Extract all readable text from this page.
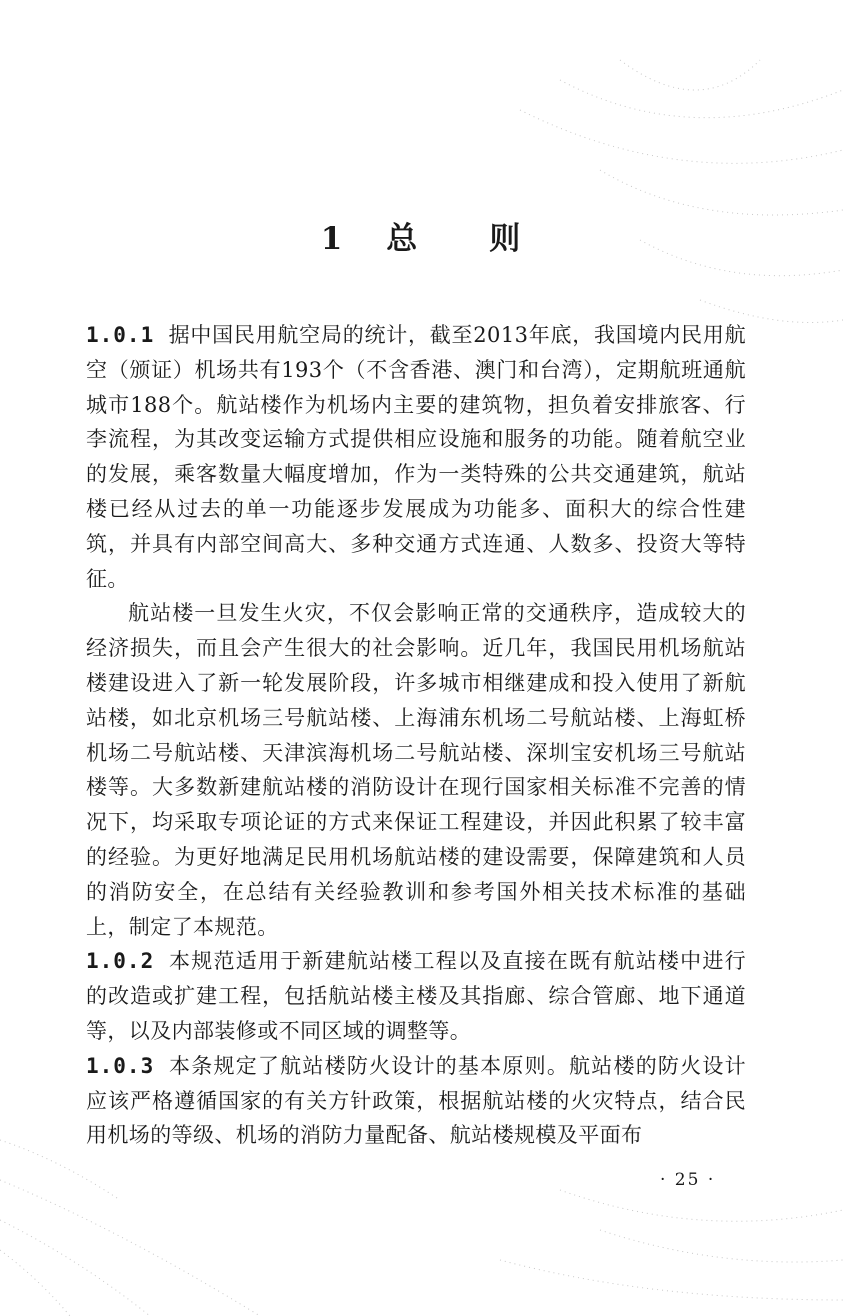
1 总 则

1.0.1 据中国民用航空局的统计，截至2013年底，我国境内民用航空（颁证）机场共有193个（不含香港、澳门和台湾），定期航班通航城市188个。航站楼作为机场内主要的建筑物，担负着安排旅客、行李流程，为其改变运输方式提供相应设施和服务的功能。随着航空业的发展，乘客数量大幅度增加，作为一类特殊的公共交通建筑，航站楼已经从过去的单一功能逐步发展成为功能多、面积大的综合性建筑，并具有内部空间高大、多种交通方式连通、人数多、投资大等特征。

航站楼一旦发生火灾，不仅会影响正常的交通秩序，造成较大的经济损失，而且会产生很大的社会影响。近几年，我国民用机场航站楼建设进入了新一轮发展阶段，许多城市相继建成和投入使用了新航站楼，如北京机场三号航站楼、上海浦东机场二号航站楼、上海虹桥机场二号航站楼、天津滨海机场二号航站楼、深圳宝安机场三号航站楼等。大多数新建航站楼的消防设计在现行国家相关标准不完善的情况下，均采取专项论证的方式来保证工程建设，并因此积累了较丰富的经验。为更好地满足民用机场航站楼的建设需要，保障建筑和人员的消防安全，在总结有关经验教训和参考国外相关技术标准的基础上，制定了本规范。

1.0.2 本规范适用于新建航站楼工程以及直接在既有航站楼中进行的改造或扩建工程，包括航站楼主楼及其指廊、综合管廊、地下通道等，以及内部装修或不同区域的调整等。

1.0.3 本条规定了航站楼防火设计的基本原则。航站楼的防火设计应该严格遵循国家的有关方针政策，根据航站楼的火灾特点，结合民用机场的等级、机场的消防力量配备、航站楼规模及平面布

· 25 ·
